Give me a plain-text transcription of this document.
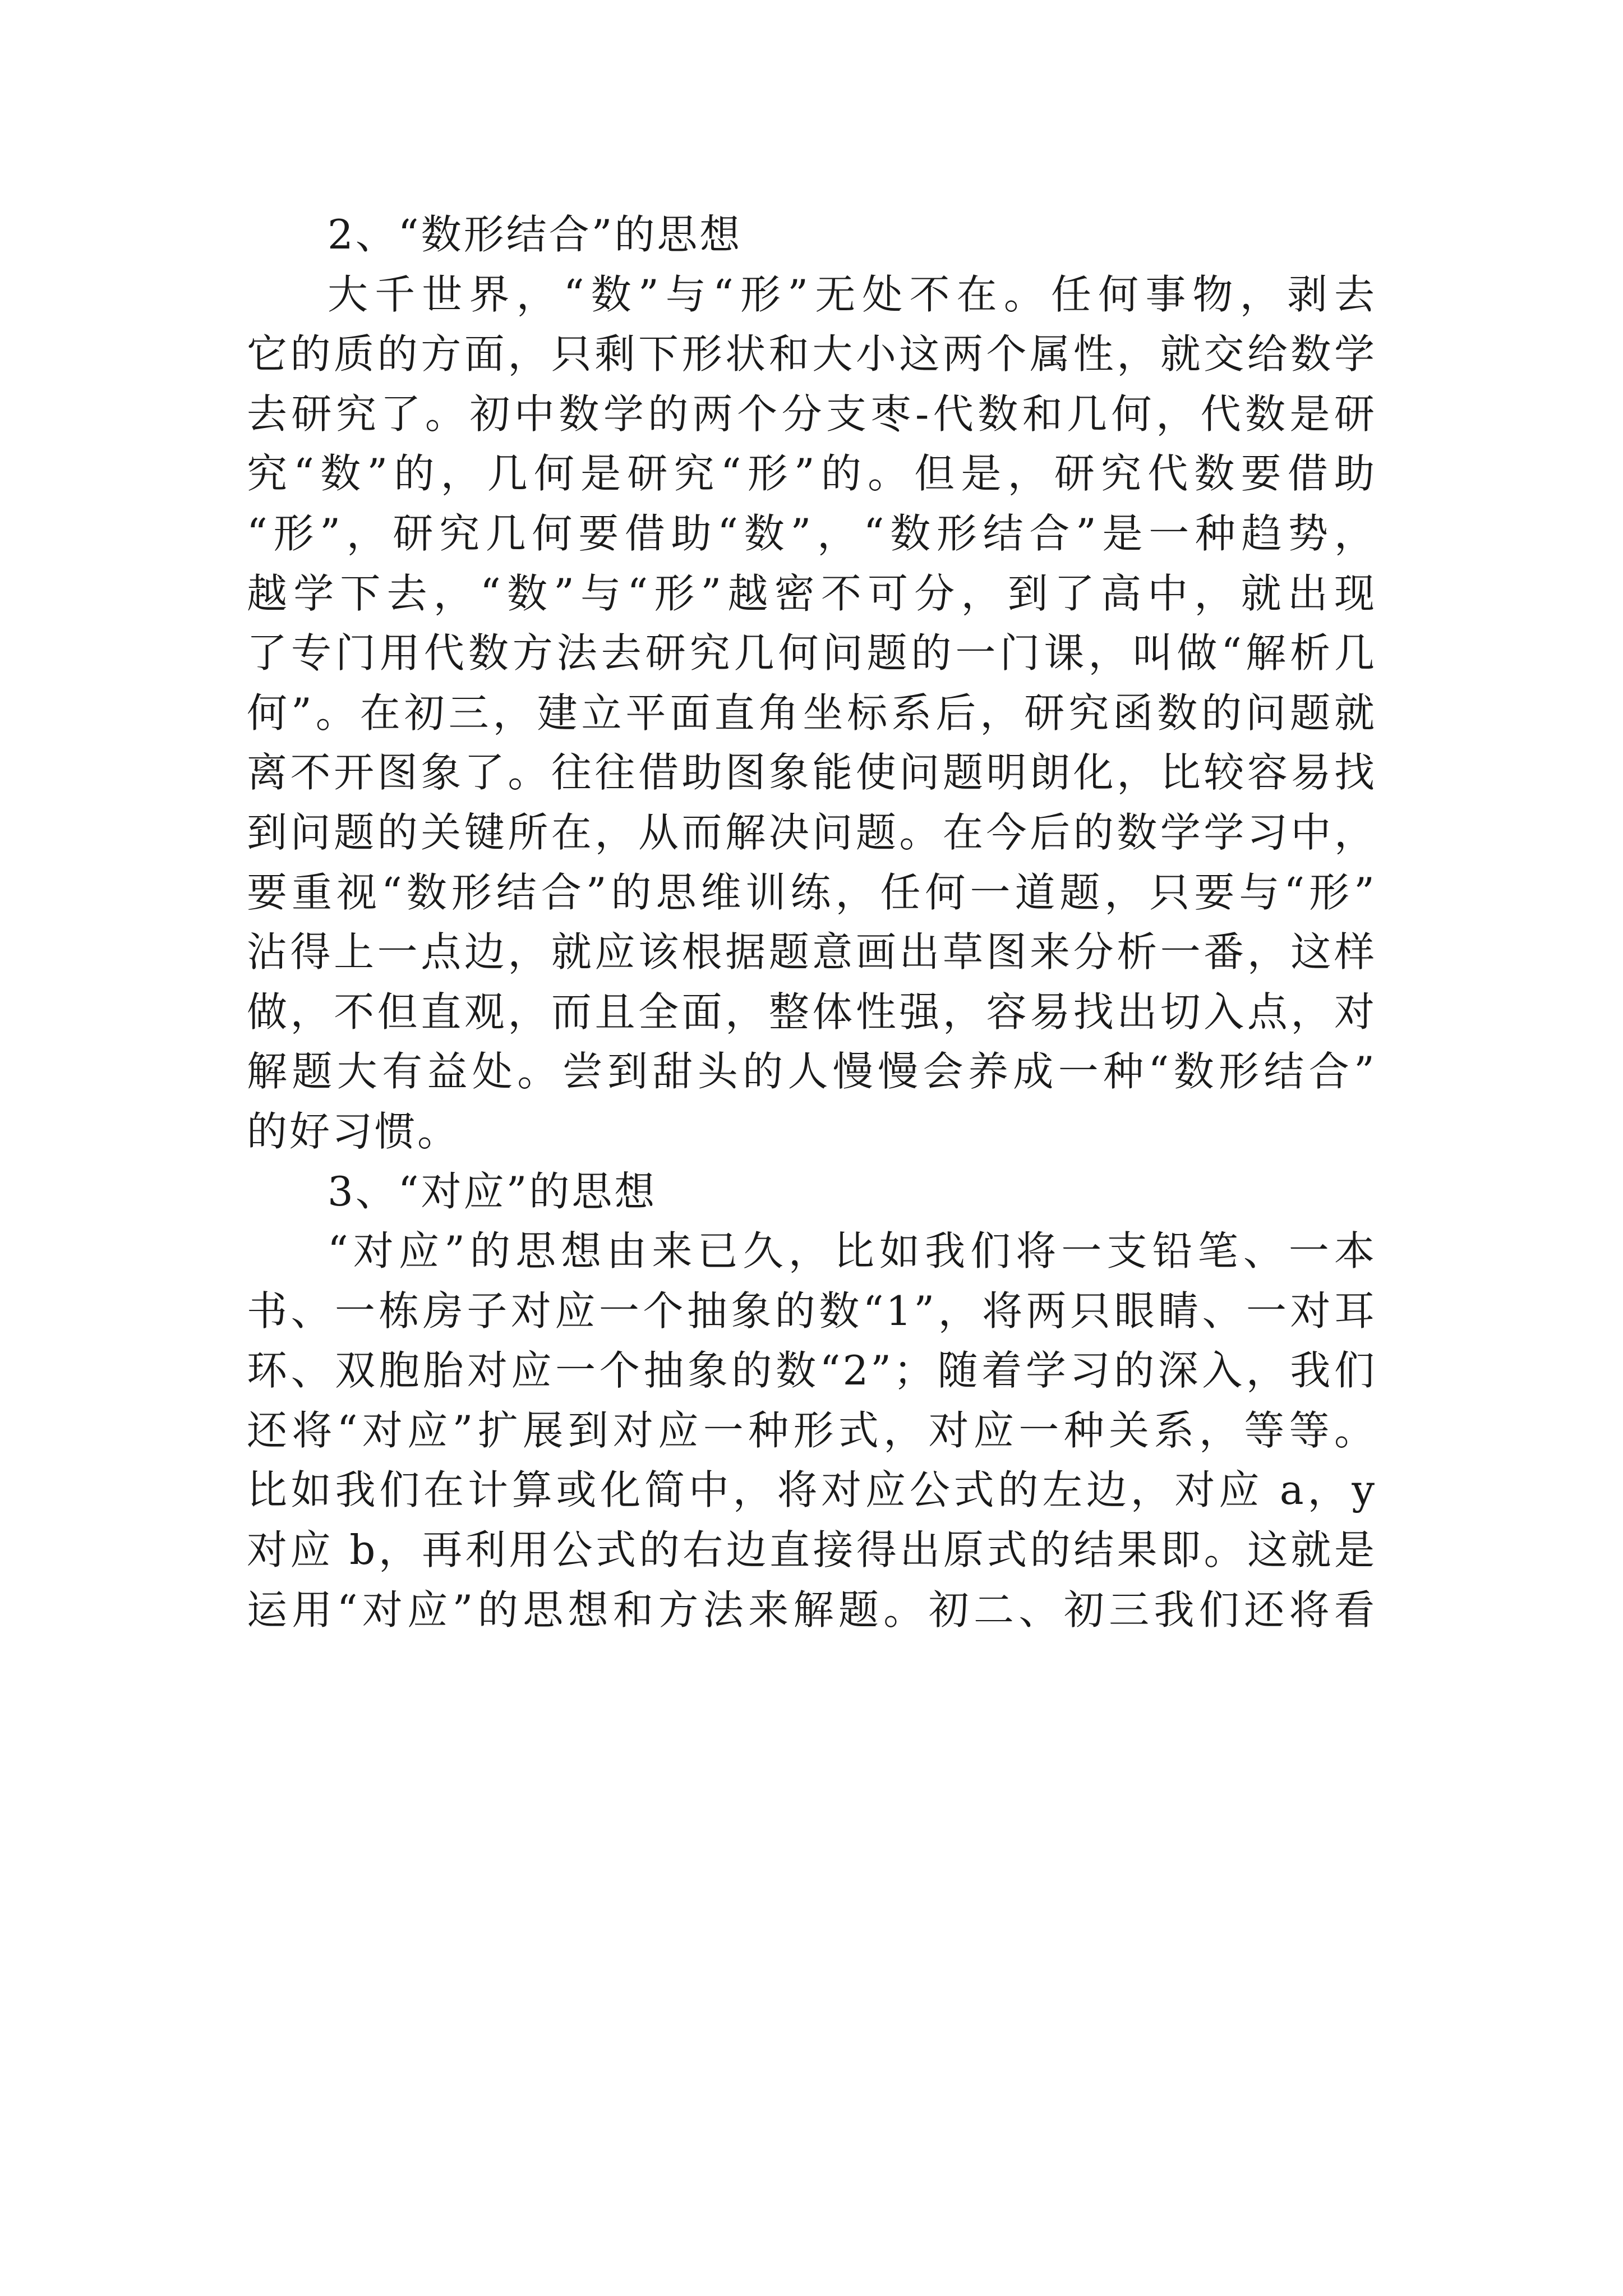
2、“数形结合”的思想
大千世界，“数”与“形”无处不在。任何事物，剥去
它的质的方面，只剩下形状和大小这两个属性，就交给数学
去研究了。初中数学的两个分支枣-代数和几何，代数是研
究“数”的，几何是研究“形”的。但是，研究代数要借助
“形”，研究几何要借助“数”，“数形结合”是一种趋势，
越学下去，“数”与“形”越密不可分，到了高中，就出现
了专门用代数方法去研究几何问题的一门课，叫做“解析几
何”。在初三，建立平面直角坐标系后，研究函数的问题就
离不开图象了。往往借助图象能使问题明朗化，比较容易找
到问题的关键所在，从而解决问题。在今后的数学学习中，
要重视“数形结合”的思维训练，任何一道题，只要与“形”
沾得上一点边，就应该根据题意画出草图来分析一番，这样
做，不但直观，而且全面，整体性强，容易找出切入点，对
解题大有益处。尝到甜头的人慢慢会养成一种“数形结合”
的好习惯。
3、“对应”的思想
“对应”的思想由来已久，比如我们将一支铅笔、一本
书、一栋房子对应一个抽象的数“1”，将两只眼睛、一对耳
环、双胞胎对应一个抽象的数“2”；随着学习的深入，我们
还将“对应”扩展到对应一种形式，对应一种关系，等等。
比如我们在计算或化简中，将对应公式的左边，对应 a，y
对应 b，再利用公式的右边直接得出原式的结果即。这就是
运用“对应”的思想和方法来解题。初二、初三我们还将看
